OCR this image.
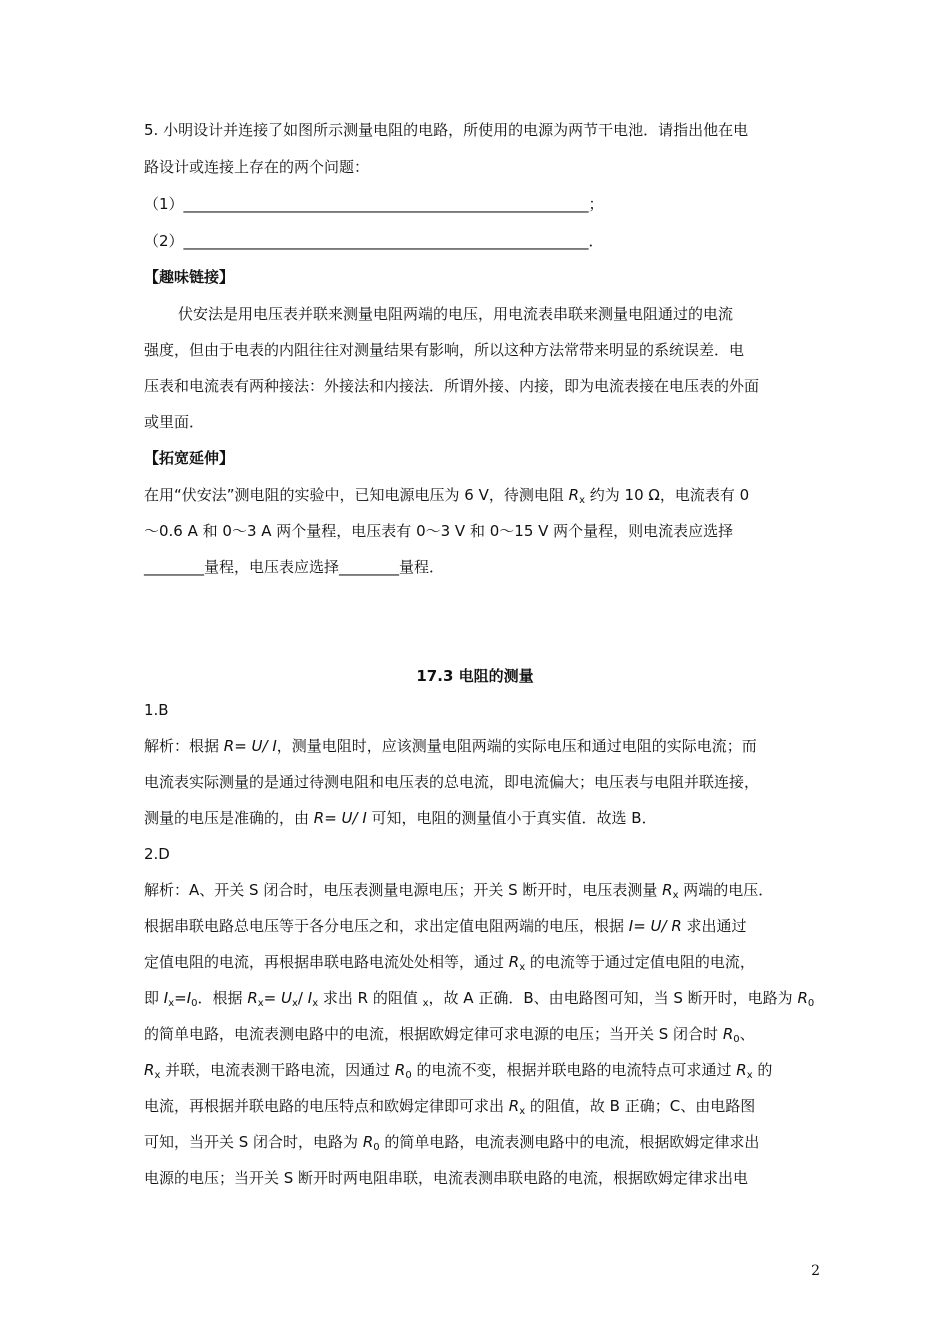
5. 小明设计并连接了如图所示测量电阻的电路，所使用的电源为两节干电池．请指出他在电
路设计或连接上存在的两个问题：
（1）______________________________________________________；
（2）______________________________________________________．
【趣味链接】
伏安法是用电压表并联来测量电阻两端的电压，用电流表串联来测量电阻通过的电流
强度，但由于电表的内阻往往对测量结果有影响，所以这种方法常带来明显的系统误差．电
压表和电流表有两种接法：外接法和内接法．所谓外接、内接，即为电流表接在电压表的外面
或里面．
【拓宽延伸】
在用“伏安法”测电阻的实验中，已知电源电压为 6 V，待测电阻 $R_x$ 约为 10 Ω，电流表有 0
～0.6 A 和 0～3 A 两个量程，电压表有 0～3 V 和 0～15 V 两个量程，则电流表应选择
________量程，电压表应选择________量程．
17.3 电阻的测量
1.B
解析：根据 R= U/ I，测量电阻时，应该测量电阻两端的实际电压和通过电阻的实际电流；而
电流表实际测量的是通过待测电阻和电压表的总电流，即电流偏大；电压表与电阻并联连接，
测量的电压是准确的，由 R= U/ I 可知，电阻的测量值小于真实值．故选 B．
2.D
解析：A、开关 S 闭合时，电压表测量电源电压；开关 S 断开时，电压表测量 $R_x$ 两端的电压．
根据串联电路总电压等于各分电压之和，求出定值电阻两端的电压，根据 I= U/ R 求出通过
定值电阻的电流，再根据串联电路电流处处相等，通过 $R_x$ 的电流等于通过定值电阻的电流，
即 $I_x=I_0$．根据 $R_x= U_x/$ $I_x$ 求出 R 的阻值 $_x$，故 A 正确．B、由电路图可知，当 S 断开时，电路为 $R_0$
的简单电路，电流表测电路中的电流，根据欧姆定律可求电源的电压；当开关 S 闭合时 $R_0$、
$R_x$ 并联，电流表测干路电流，因通过 $R_0$ 的电流不变，根据并联电路的电流特点可求通过 $R_x$ 的
电流，再根据并联电路的电压特点和欧姆定律即可求出 $R_x$ 的阻值，故 B 正确；C、由电路图
可知，当开关 S 闭合时，电路为 $R_0$ 的简单电路，电流表测电路中的电流，根据欧姆定律求出
电源的电压；当开关 S 断开时两电阻串联，电流表测串联电路的电流，根据欧姆定律求出电
2
